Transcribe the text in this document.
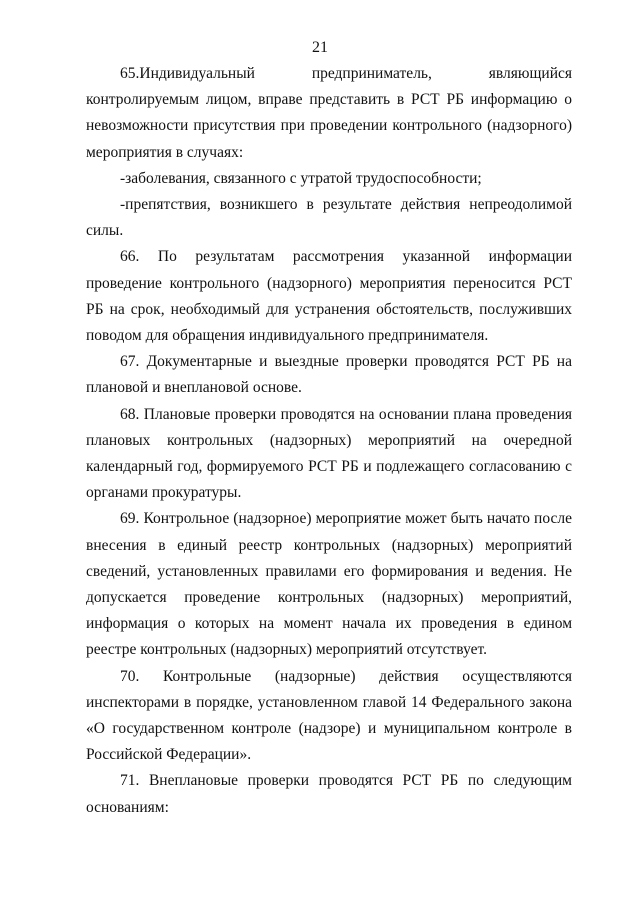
21

65.Индивидуальный предприниматель, являющийся
контролируемым лицом, вправе представить в РСТ РБ информацию о невозможности присутствия при проведении контрольного (надзорного) мероприятия в случаях:

-заболевания, связанного с утратой трудоспособности;

-препятствия, возникшего в результате действия непреодолимой силы.

66. По результатам рассмотрения указанной информации проведение контрольного (надзорного) мероприятия переносится РСТ РБ на срок, необходимый для устранения обстоятельств, послуживших поводом для обращения индивидуального предпринимателя.

67. Документарные и выездные проверки проводятся РСТ РБ на плановой и внеплановой основе.

68. Плановые проверки проводятся на основании плана проведения плановых контрольных (надзорных) мероприятий на очередной календарный год, формируемого РСТ РБ и подлежащего согласованию с органами прокуратуры.

69. Контрольное (надзорное) мероприятие может быть начато после внесения в единый реестр контрольных (надзорных) мероприятий сведений, установленных правилами его формирования и ведения. Не допускается проведение контрольных (надзорных) мероприятий, информация о которых на момент начала их проведения в едином реестре контрольных (надзорных) мероприятий отсутствует.

70. Контрольные (надзорные) действия осуществляются инспекторами в порядке, установленном главой 14 Федерального закона «О государственном контроле (надзоре) и муниципальном контроле в Российской Федерации».

71. Внеплановые проверки проводятся РСТ РБ по следующим основаниям:
